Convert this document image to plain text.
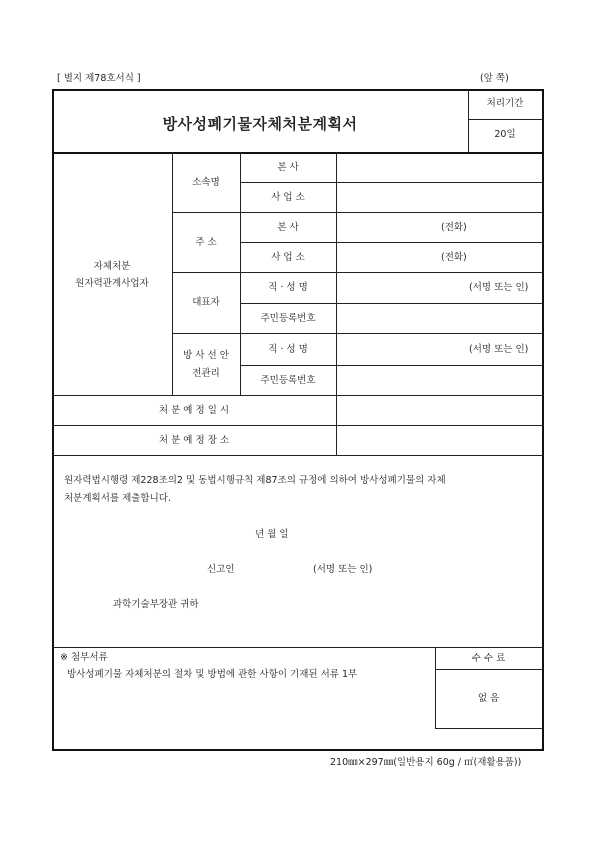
[ 별지 제78호서식 ]	(앞 쪽)
방사성폐기물자체처분계획서
처리기간
20일
자체처분
원자력관계사업자
소속명
주 소
대표자
방 사 선 안
전관리
본 사
사 업 소
본 사
사 업 소
직 · 성 명
주민등록번호
직 · 성 명
주민등록번호
(전화)
(전화)
(서명 또는 인)
(서명 또는 인)
처 분 예 정 일 시
처 분 예 정 장 소
원자력법시행령 제228조의2 및 동법시행규칙 제87조의 규정에 의하여 방사성폐기물의 자체
처분계획서를 제출합니다.
년 월 일
신고인	(서명 또는 인)
과학기술부장관 귀하
※ 첨부서류
방사성폐기물 자체처분의 절차 및 방법에 관한 사항이 기재된 서류 1부
수 수 료
없 음
210㎜×297㎜(일반용지 60g / ㎡(재활용품))
